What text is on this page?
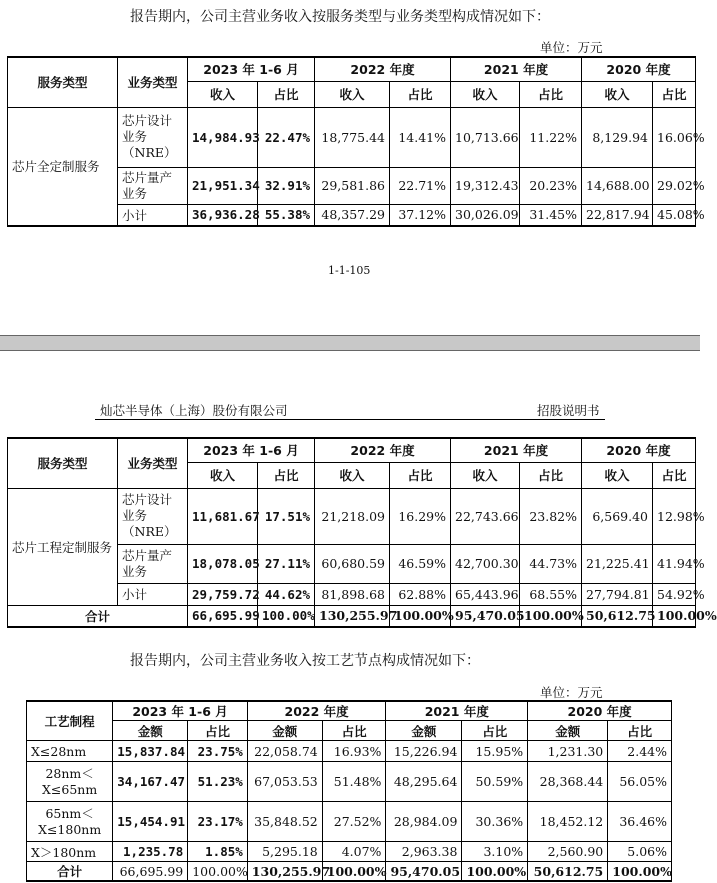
报告期内，公司主营业务收入按服务类型与业务类型构成情况如下：
单位：万元
服务类型	业务类型	2023 年 1-6 月		2022 年度		2021 年度		2020 年度	
		收入	占比	收入	占比	收入	占比	收入	占比
芯片全定制服务	芯片设计业务（NRE）	14,984.93	22.47%	18,775.44	14.41%	10,713.66	11.22%	8,129.94	16.06%
	芯片量产业务	21,951.34	32.91%	29,581.86	22.71%	19,312.43	20.23%	14,688.00	29.02%
	小计	36,936.28	55.38%	48,357.29	37.12%	30,026.09	31.45%	22,817.94	45.08%
1-1-105
灿芯半导体（上海）股份有限公司	招股说明书
服务类型	业务类型	2023 年 1-6 月		2022 年度		2021 年度		2020 年度	
		收入	占比	收入	占比	收入	占比	收入	占比
芯片工程定制服务	芯片设计业务（NRE）	11,681.67	17.51%	21,218.09	16.29%	22,743.66	23.82%	6,569.40	12.98%
	芯片量产业务	18,078.05	27.11%	60,680.59	46.59%	42,700.30	44.73%	21,225.41	41.94%
	小计	29,759.72	44.62%	81,898.68	62.88%	65,443.96	68.55%	27,794.81	54.92%
合计		66,695.99	100.00%	130,255.97	100.00%	95,470.05	100.00%	50,612.75	100.00%
报告期内，公司主营业务收入按工艺节点构成情况如下：
单位：万元
工艺制程	2023 年 1-6 月		2022 年度		2021 年度		2020 年度	
	金额	占比	金额	占比	金额	占比	金额	占比
X≤28nm	15,837.84	23.75%	22,058.74	16.93%	15,226.94	15.95%	1,231.30	2.44%
28nm＜X≤65nm	34,167.47	51.23%	67,053.53	51.48%	48,295.64	50.59%	28,368.44	56.05%
65nm＜X≤180nm	15,454.91	23.17%	35,848.52	27.52%	28,984.09	30.36%	18,452.12	36.46%
X＞180nm	1,235.78	1.85%	5,295.18	4.07%	2,963.38	3.10%	2,560.90	5.06%
合计	66,695.99	100.00%	130,255.97	100.00%	95,470.05	100.00%	50,612.75	100.00%
